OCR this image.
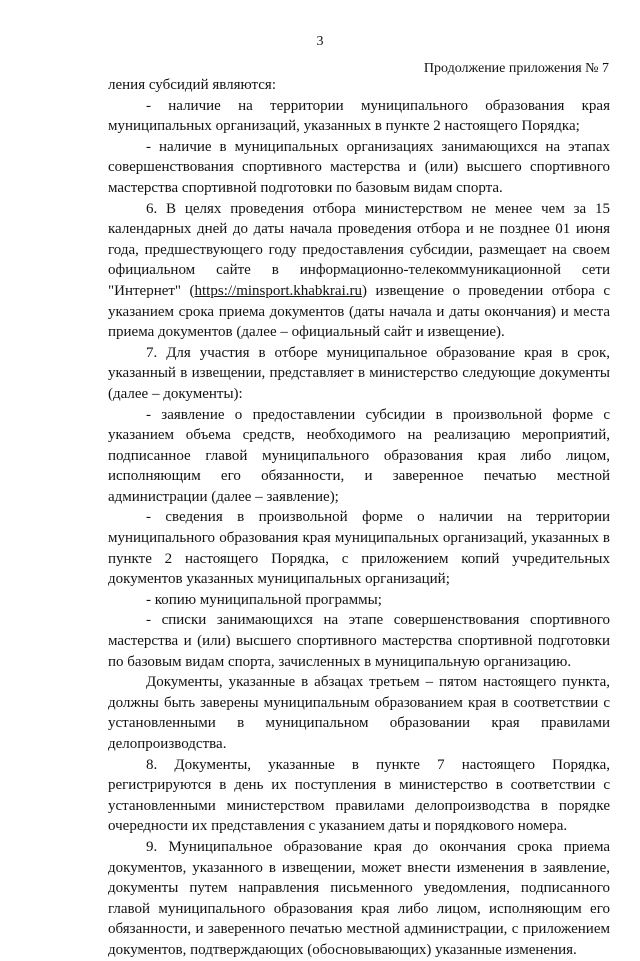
3
Продолжение приложения № 7

ления субсидий являются:

- наличие на территории муниципального образования края муниципальных организаций, указанных в пункте 2 настоящего Порядка;

- наличие в муниципальных организациях занимающихся на этапах совершенствования спортивного мастерства и (или) высшего спортивного мастерства спортивной подготовки по базовым видам спорта.

6. В целях проведения отбора министерством не менее чем за 15 календарных дней до даты начала проведения отбора и не позднее 01 июня года, предшествующего году предоставления субсидии, размещает на своем официальном сайте в информационно-телекоммуникационной сети "Интернет" (https://minsport.khabkrai.ru) извещение о проведении отбора с указанием срока приема документов (даты начала и даты окончания) и места приема документов (далее – официальный сайт и извещение).

7. Для участия в отборе муниципальное образование края в срок, указанный в извещении, представляет в министерство следующие документы (далее – документы):

- заявление о предоставлении субсидии в произвольной форме с указанием объема средств, необходимого на реализацию мероприятий, подписанное главой муниципального образования края либо лицом, исполняющим его обязанности, и заверенное печатью местной администрации (далее – заявление);

- сведения в произвольной форме о наличии на территории муниципального образования края муниципальных организаций, указанных в пункте 2 настоящего Порядка, с приложением копий учредительных документов указанных муниципальных организаций;

- копию муниципальной программы;

- списки занимающихся на этапе совершенствования спортивного мастерства и (или) высшего спортивного мастерства спортивной подготовки по базовым видам спорта, зачисленных в муниципальную организацию.

Документы, указанные в абзацах третьем – пятом настоящего пункта, должны быть заверены муниципальным образованием края в соответствии с установленными в муниципальном образовании края правилами делопроизводства.

8. Документы, указанные в пункте 7 настоящего Порядка, регистрируются в день их поступления в министерство в соответствии с установленными министерством правилами делопроизводства в порядке очередности их представления с указанием даты и порядкового номера.

9. Муниципальное образование края до окончания срока приема документов, указанного в извещении, может внести изменения в заявление, документы путем направления письменного уведомления, подписанного главой муниципального образования края либо лицом, исполняющим его обязанности, и заверенного печатью местной администрации, с приложением документов, подтверждающих (обосновывающих) указанные изменения.
